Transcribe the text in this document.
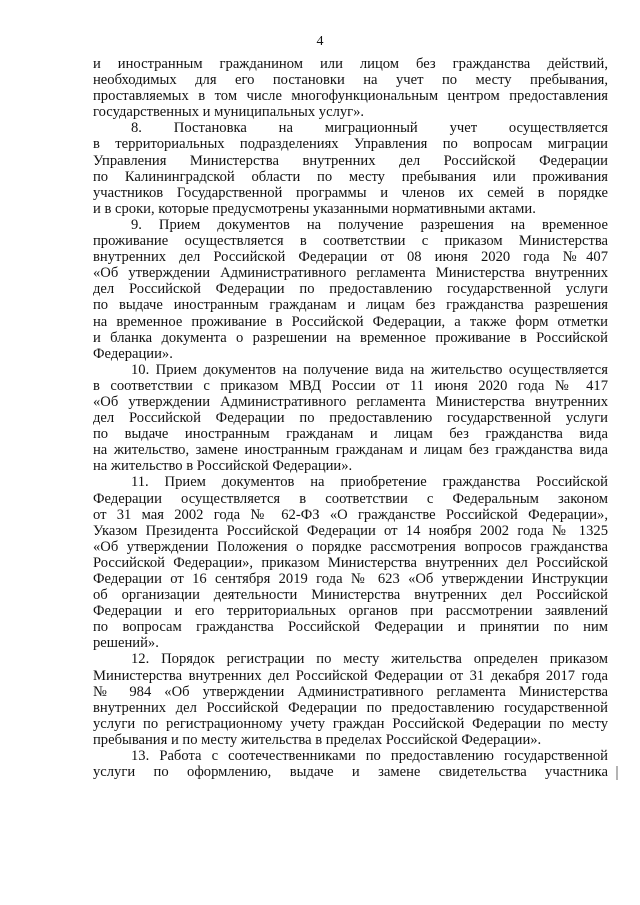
4
и иностранным гражданином или лицом без гражданства действий,
необходимых для его постановки на учет по месту пребывания,
проставляемых в том числе многофункциональным центром предоставления
государственных и муниципальных услуг».
8. Постановка на миграционный учет осуществляется
в территориальных подразделениях Управления по вопросам миграции
Управления Министерства внутренних дел Российской Федерации
по Калининградской области по месту пребывания или проживания
участников Государственной программы и членов их семей в порядке
и в сроки, которые предусмотрены указанными нормативными актами.
9. Прием документов на получение разрешения на временное
проживание осуществляется в соответствии с приказом Министерства
внутренних дел Российской Федерации от 08 июня 2020 года №407
«Об утверждении Административного регламента Министерства внутренних
дел Российской Федерации по предоставлению государственной услуги
по выдаче иностранным гражданам и лицам без гражданства разрешения
на временное проживание в Российской Федерации, а также форм отметки
и бланка документа о разрешении на временное проживание в Российской
Федерации».
10. Прием документов на получение вида на жительство осуществляется
в соответствии с приказом МВД России от 11 июня 2020 года № 417
«Об утверждении Административного регламента Министерства внутренних
дел Российской Федерации по предоставлению государственной услуги
по выдаче иностранным гражданам и лицам без гражданства вида
на жительство, замене иностранным гражданам и лицам без гражданства вида
на жительство в Российской Федерации».
11. Прием документов на приобретение гражданства Российской
Федерации осуществляется в соответствии с Федеральным законом
от 31 мая 2002 года № 62-ФЗ «О гражданстве Российской Федерации»,
Указом Президента Российской Федерации от 14 ноября 2002 года № 1325
«Об утверждении Положения о порядке рассмотрения вопросов гражданства
Российской Федерации», приказом Министерства внутренних дел Российской
Федерации от 16 сентября 2019 года № 623 «Об утверждении Инструкции
об организации деятельности Министерства внутренних дел Российской
Федерации и его территориальных органов при рассмотрении заявлений
по вопросам гражданства Российской Федерации и принятии по ним
решений».
12. Порядок регистрации по месту жительства определен приказом
Министерства внутренних дел Российской Федерации от 31 декабря 2017 года
№ 984 «Об утверждении Административного регламента Министерства
внутренних дел Российской Федерации по предоставлению государственной
услуги по регистрационному учету граждан Российской Федерации по месту
пребывания и по месту жительства в пределах Российской Федерации».
13. Работа с соотечественниками по предоставлению государственной
услуги по оформлению, выдаче и замене свидетельства участника
